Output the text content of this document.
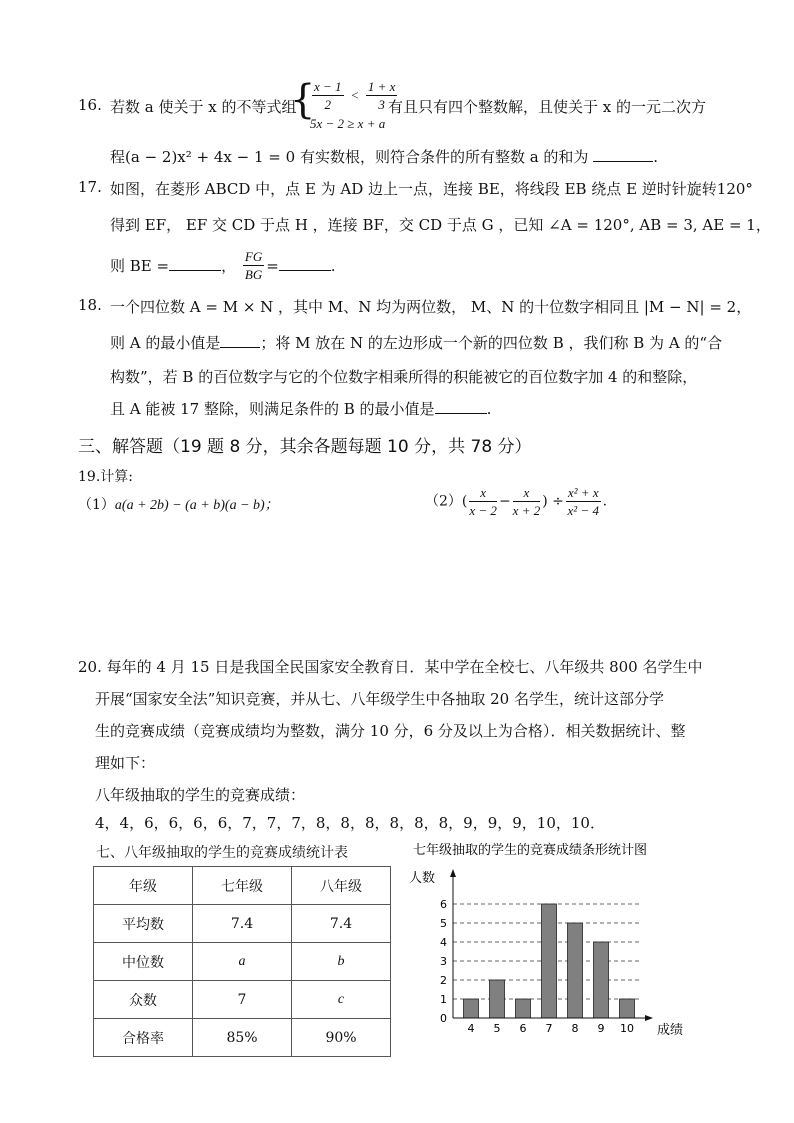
16. 若数 a 使关于 x 的不等式组
{
$\frac{x - 1}{2} < \frac{1 + x}{3}$
5x − 2 ≥ x + a
有且只有四个整数解，且使关于 x 的一元二次方
程(a − 2)x² + 4x − 1 = 0 有实数根，则符合条件的所有整数 a 的和为	.
17. 如图，在菱形 ABCD 中，点 E 为 AD 边上一点，连接 BE，将线段 EB 绕点 E 逆时针旋转120°
得到 EF， EF 交 CD 于点 H ，连接 BF，交 CD 于点 G ，已知 ∠A = 120°, AB = 3, AE = 1，
则 BE =	， $\frac{FG}{BG}$ =	.
18. 一个四位数 A = M × N ，其中 M、N 均为两位数， M、N 的十位数字相同且 |M − N| = 2，
则 A 的最小值是	；将 M 放在 N 的左边形成一个新的四位数 B ，我们称 B 为 A 的“合
构数”，若 B 的百位数字与它的个位数字相乘所得的积能被它的百位数字加 4 的和整除，
且 A 能被 17 整除，则满足条件的 B 的最小值是	.
三、解答题（19 题 8 分，其余各题每题 10 分，共 78 分）
19.计算:
（1）a(a + 2b) − (a + b)(a − b)；	$(2)( \frac{x}{x - 2} - \frac{x}{x + 2}$ ) ÷ $\frac{\text{x² + x}}{\text{x² − 4}}$ .
20. 每年的 4 月 15 日是我国全民国家安全教育日．某中学在全校七、八年级共 800 名学生中
开展“国家安全法”知识竞赛，并从七、八年级学生中各抽取 20 名学生，统计这部分学
生的竞赛成绩（竞赛成绩均为整数，满分 10 分，6 分及以上为合格）．相关数据统计、整
理如下：
八年级抽取的学生的竞赛成绩：
4，4，6，6，6，6，7，7，7，8，8，8，8，8，8，9，9，9，10，10．
七、八年级抽取的学生的竞赛成绩统计表
年级	七年级	八年级
平均数	7.4	7.4
中位数	a	b
众数	7	c
合格率	85%	90%
七年级抽取的学生的竞赛成绩条形统计图
人数
成绩
0
1
2
3
4
5
6
4 5 6 7 8 9 10
